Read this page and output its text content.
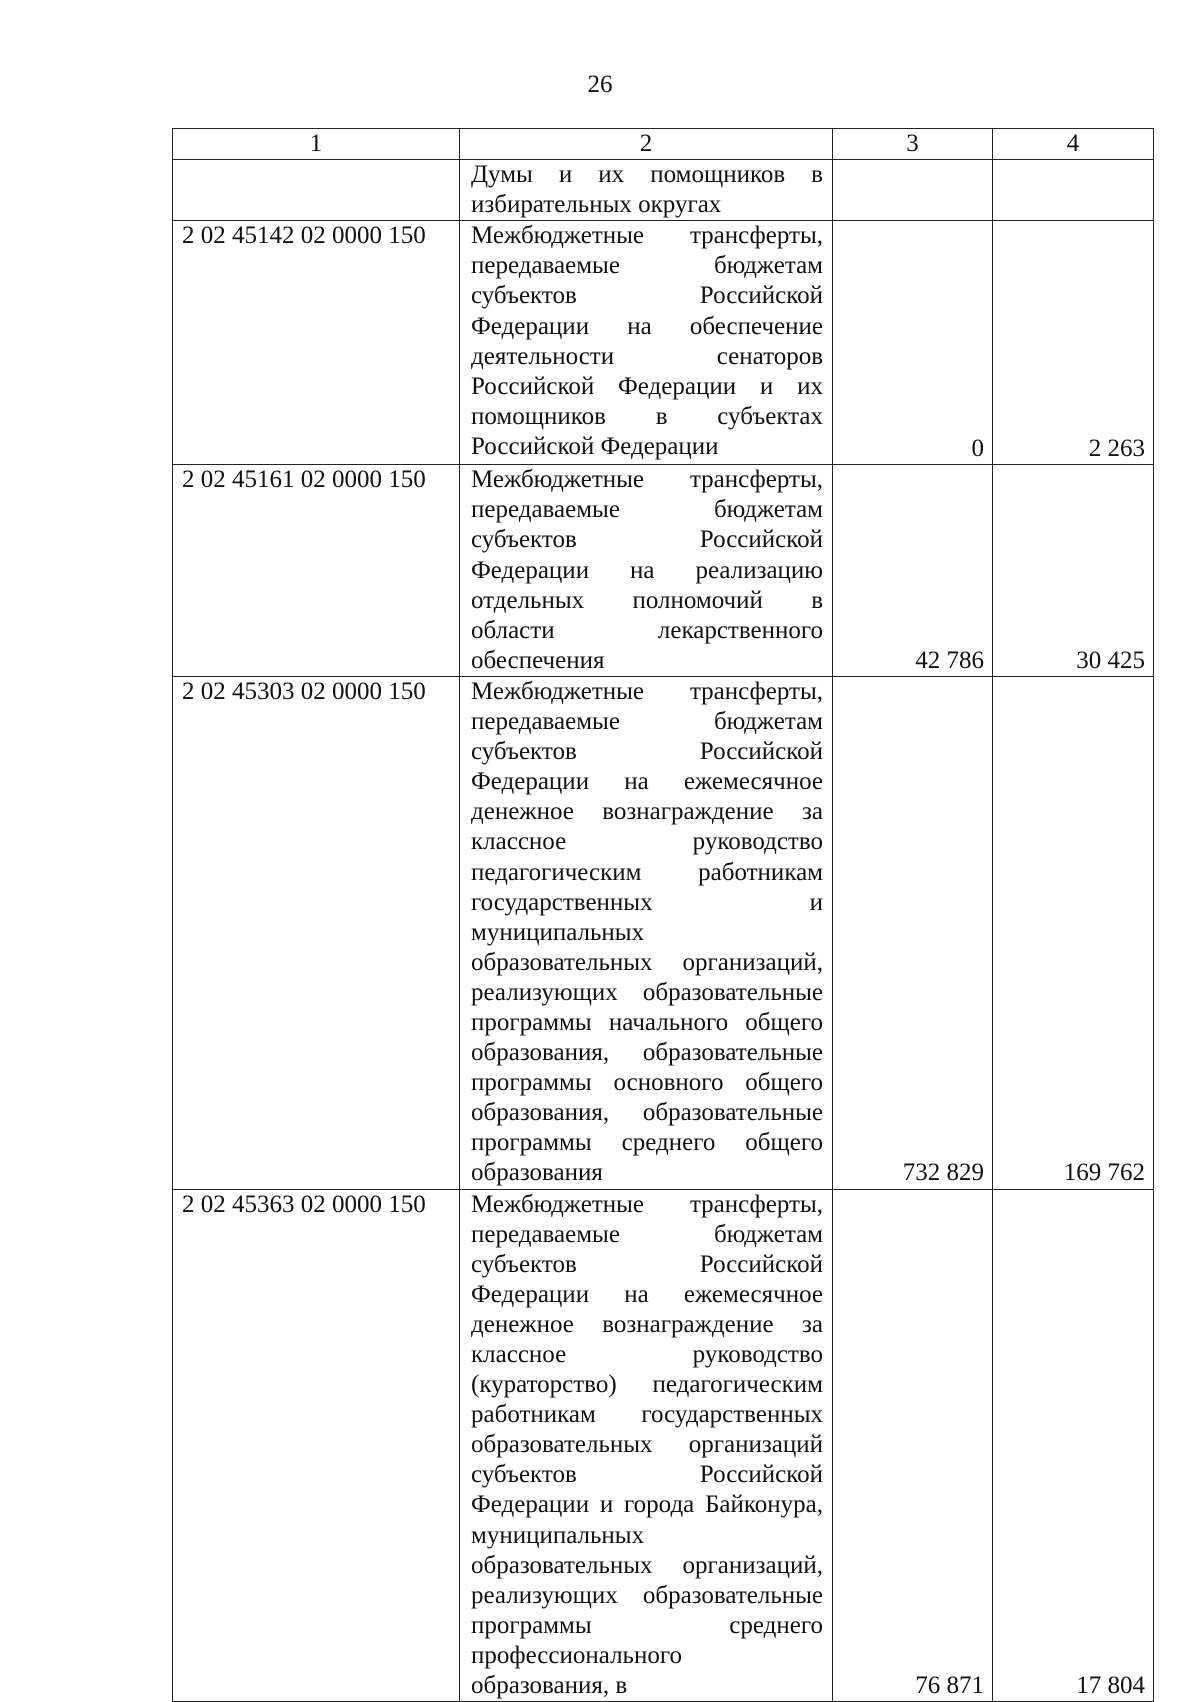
26
1	2	3	4
	Думы и их помощников в избирательных округах		
2 02 45142 02 0000 150	Межбюджетные трансферты, передаваемые бюджетам субъектов Российской Федерации на обеспечение деятельности сенаторов Российской Федерации и их помощников в субъектах Российской Федерации	0	2 263
2 02 45161 02 0000 150	Межбюджетные трансферты, передаваемые бюджетам субъектов Российской Федерации на реализацию отдельных полномочий в области лекарственного обеспечения	42 786	30 425
2 02 45303 02 0000 150	Межбюджетные трансферты, передаваемые бюджетам субъектов Российской Федерации на ежемесячное денежное вознаграждение за классное руководство педагогическим работникам государственных и муниципальных образовательных организаций, реализующих образовательные программы начального общего образования, образовательные программы основного общего образования, образовательные программы среднего общего образования	732 829	169 762
2 02 45363 02 0000 150	Межбюджетные трансферты, передаваемые бюджетам субъектов Российской Федерации на ежемесячное денежное вознаграждение за классное руководство (кураторство) педагогическим работникам государственных образовательных организаций субъектов Российской Федерации и города Байконура, муниципальных образовательных организаций, реализующих образовательные программы среднего профессионального образования, в	76 871	17 804
